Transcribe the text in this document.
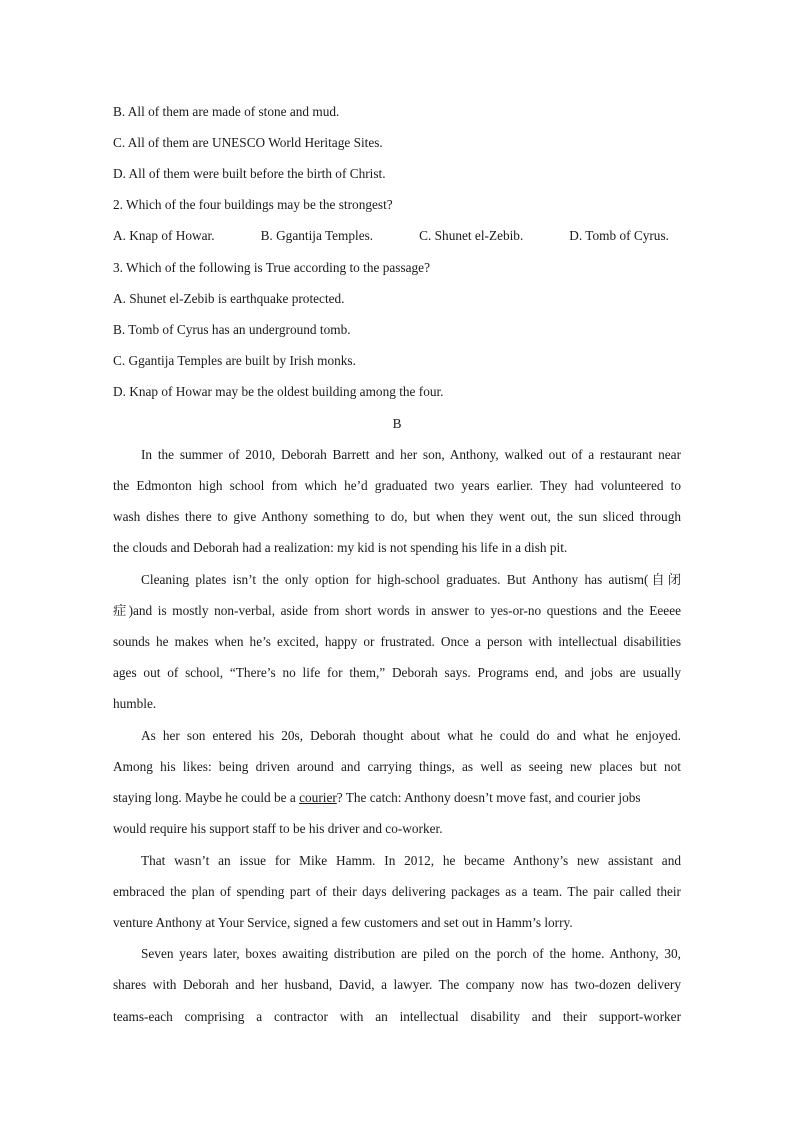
B. All of them are made of stone and mud.
C. All of them are UNESCO World Heritage Sites.
D. All of them were built before the birth of Christ.
2. Which of the four buildings may be the strongest?
A. Knap of Howar.	B. Ggantija Temples.	C. Shunet el-Zebib.	D. Tomb of Cyrus.
3. Which of the following is True according to the passage?
A. Shunet el-Zebib is earthquake protected.
B. Tomb of Cyrus has an underground tomb.
C. Ggantija Temples are built by Irish monks.
D. Knap of Howar may be the oldest building among the four.
B
In the summer of 2010, Deborah Barrett and her son, Anthony, walked out of a restaurant near
the Edmonton high school from which he’d graduated two years earlier. They had volunteered to
wash dishes there to give Anthony something to do, but when they went out, the sun sliced through
the clouds and Deborah had a realization: my kid is not spending his life in a dish pit.
Cleaning plates isn’t the only option for high-school graduates. But Anthony has autism(自闭
症)and is mostly non-verbal, aside from short words in answer to yes-or-no questions and the Eeeee
sounds he makes when he’s excited, happy or frustrated. Once a person with intellectual disabilities
ages out of school, “There’s no life for them,” Deborah says. Programs end, and jobs are usually
humble.
As her son entered his 20s, Deborah thought about what he could do and what he enjoyed.
Among his likes: being driven around and carrying things, as well as seeing new places but not
staying long. Maybe he could be a courier? The catch: Anthony doesn’t move fast, and courier jobs
would require his support staff to be his driver and co-worker.
That wasn’t an issue for Mike Hamm. In 2012, he became Anthony’s new assistant and
embraced the plan of spending part of their days delivering packages as a team. The pair called their
venture Anthony at Your Service, signed a few customers and set out in Hamm’s lorry.
Seven years later, boxes awaiting distribution are piled on the porch of the home. Anthony, 30,
shares with Deborah and her husband, David, a lawyer. The company now has two-dozen delivery
teams-each comprising a contractor with an intellectual disability and their support-worker
